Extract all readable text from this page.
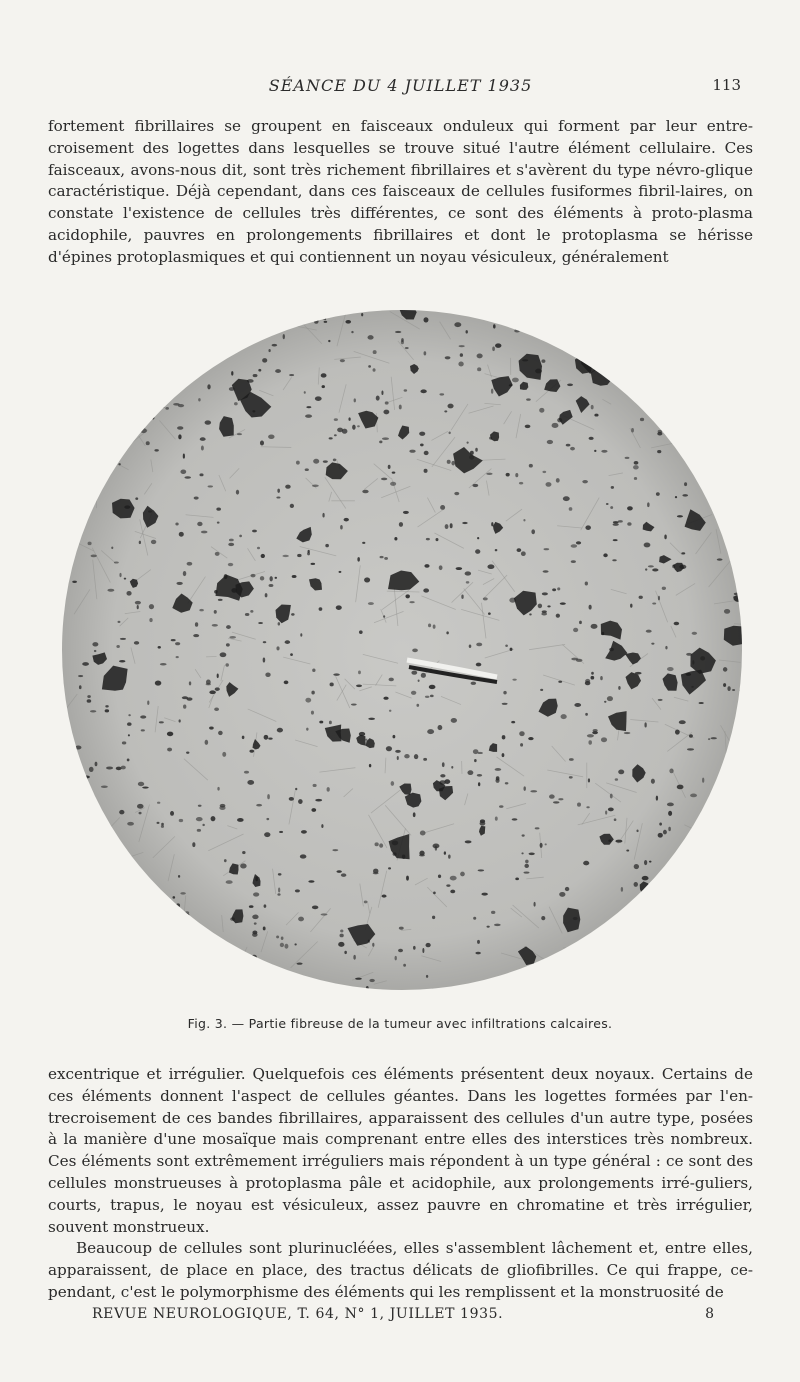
SÉANCE DU 4 JUILLET 1935	113

fortement fibrillaires se groupent en faisceaux onduleux qui forment par leur entre-croisement des logettes dans lesquelles se trouve situé l'autre élément cellulaire. Ces faisceaux, avons-nous dit, sont très richement fibrillaires et s'avèrent du type névro-glique caractéristique. Déjà cependant, dans ces faisceaux de cellules fusiformes fibril-laires, on constate l'existence de cellules très différentes, ce sont des éléments à proto-plasma acidophile, pauvres en prolongements fibrillaires et dont le protoplasma se hérisse d'épines protoplasmiques et qui contiennent un noyau vésiculeux, généralement

Fig. 3. — Partie fibreuse de la tumeur avec infiltrations calcaires.

excentrique et irrégulier. Quelquefois ces éléments présentent deux noyaux. Certains de ces éléments donnent l'aspect de cellules géantes. Dans les logettes formées par l'en-trecroisement de ces bandes fibrillaires, apparaissent des cellules d'un autre type, posées à la manière d'une mosaïque mais comprenant entre elles des interstices très nombreux. Ces éléments sont extrêmement irréguliers mais répondent à un type général : ce sont des cellules monstrueuses à protoplasma pâle et acidophile, aux prolongements irré-guliers, courts, trapus, le noyau est vésiculeux, assez pauvre en chromatine et très irrégulier, souvent monstrueux.

Beaucoup de cellules sont plurinucléées, elles s'assemblent lâchement et, entre elles, apparaissent, de place en place, des tractus délicats de gliofibrilles. Ce qui frappe, ce-pendant, c'est le polymorphisme des éléments qui les remplissent et la monstruosité de

REVUE NEUROLOGIQUE, T. 64, N° 1, JUILLET 1935.	8
